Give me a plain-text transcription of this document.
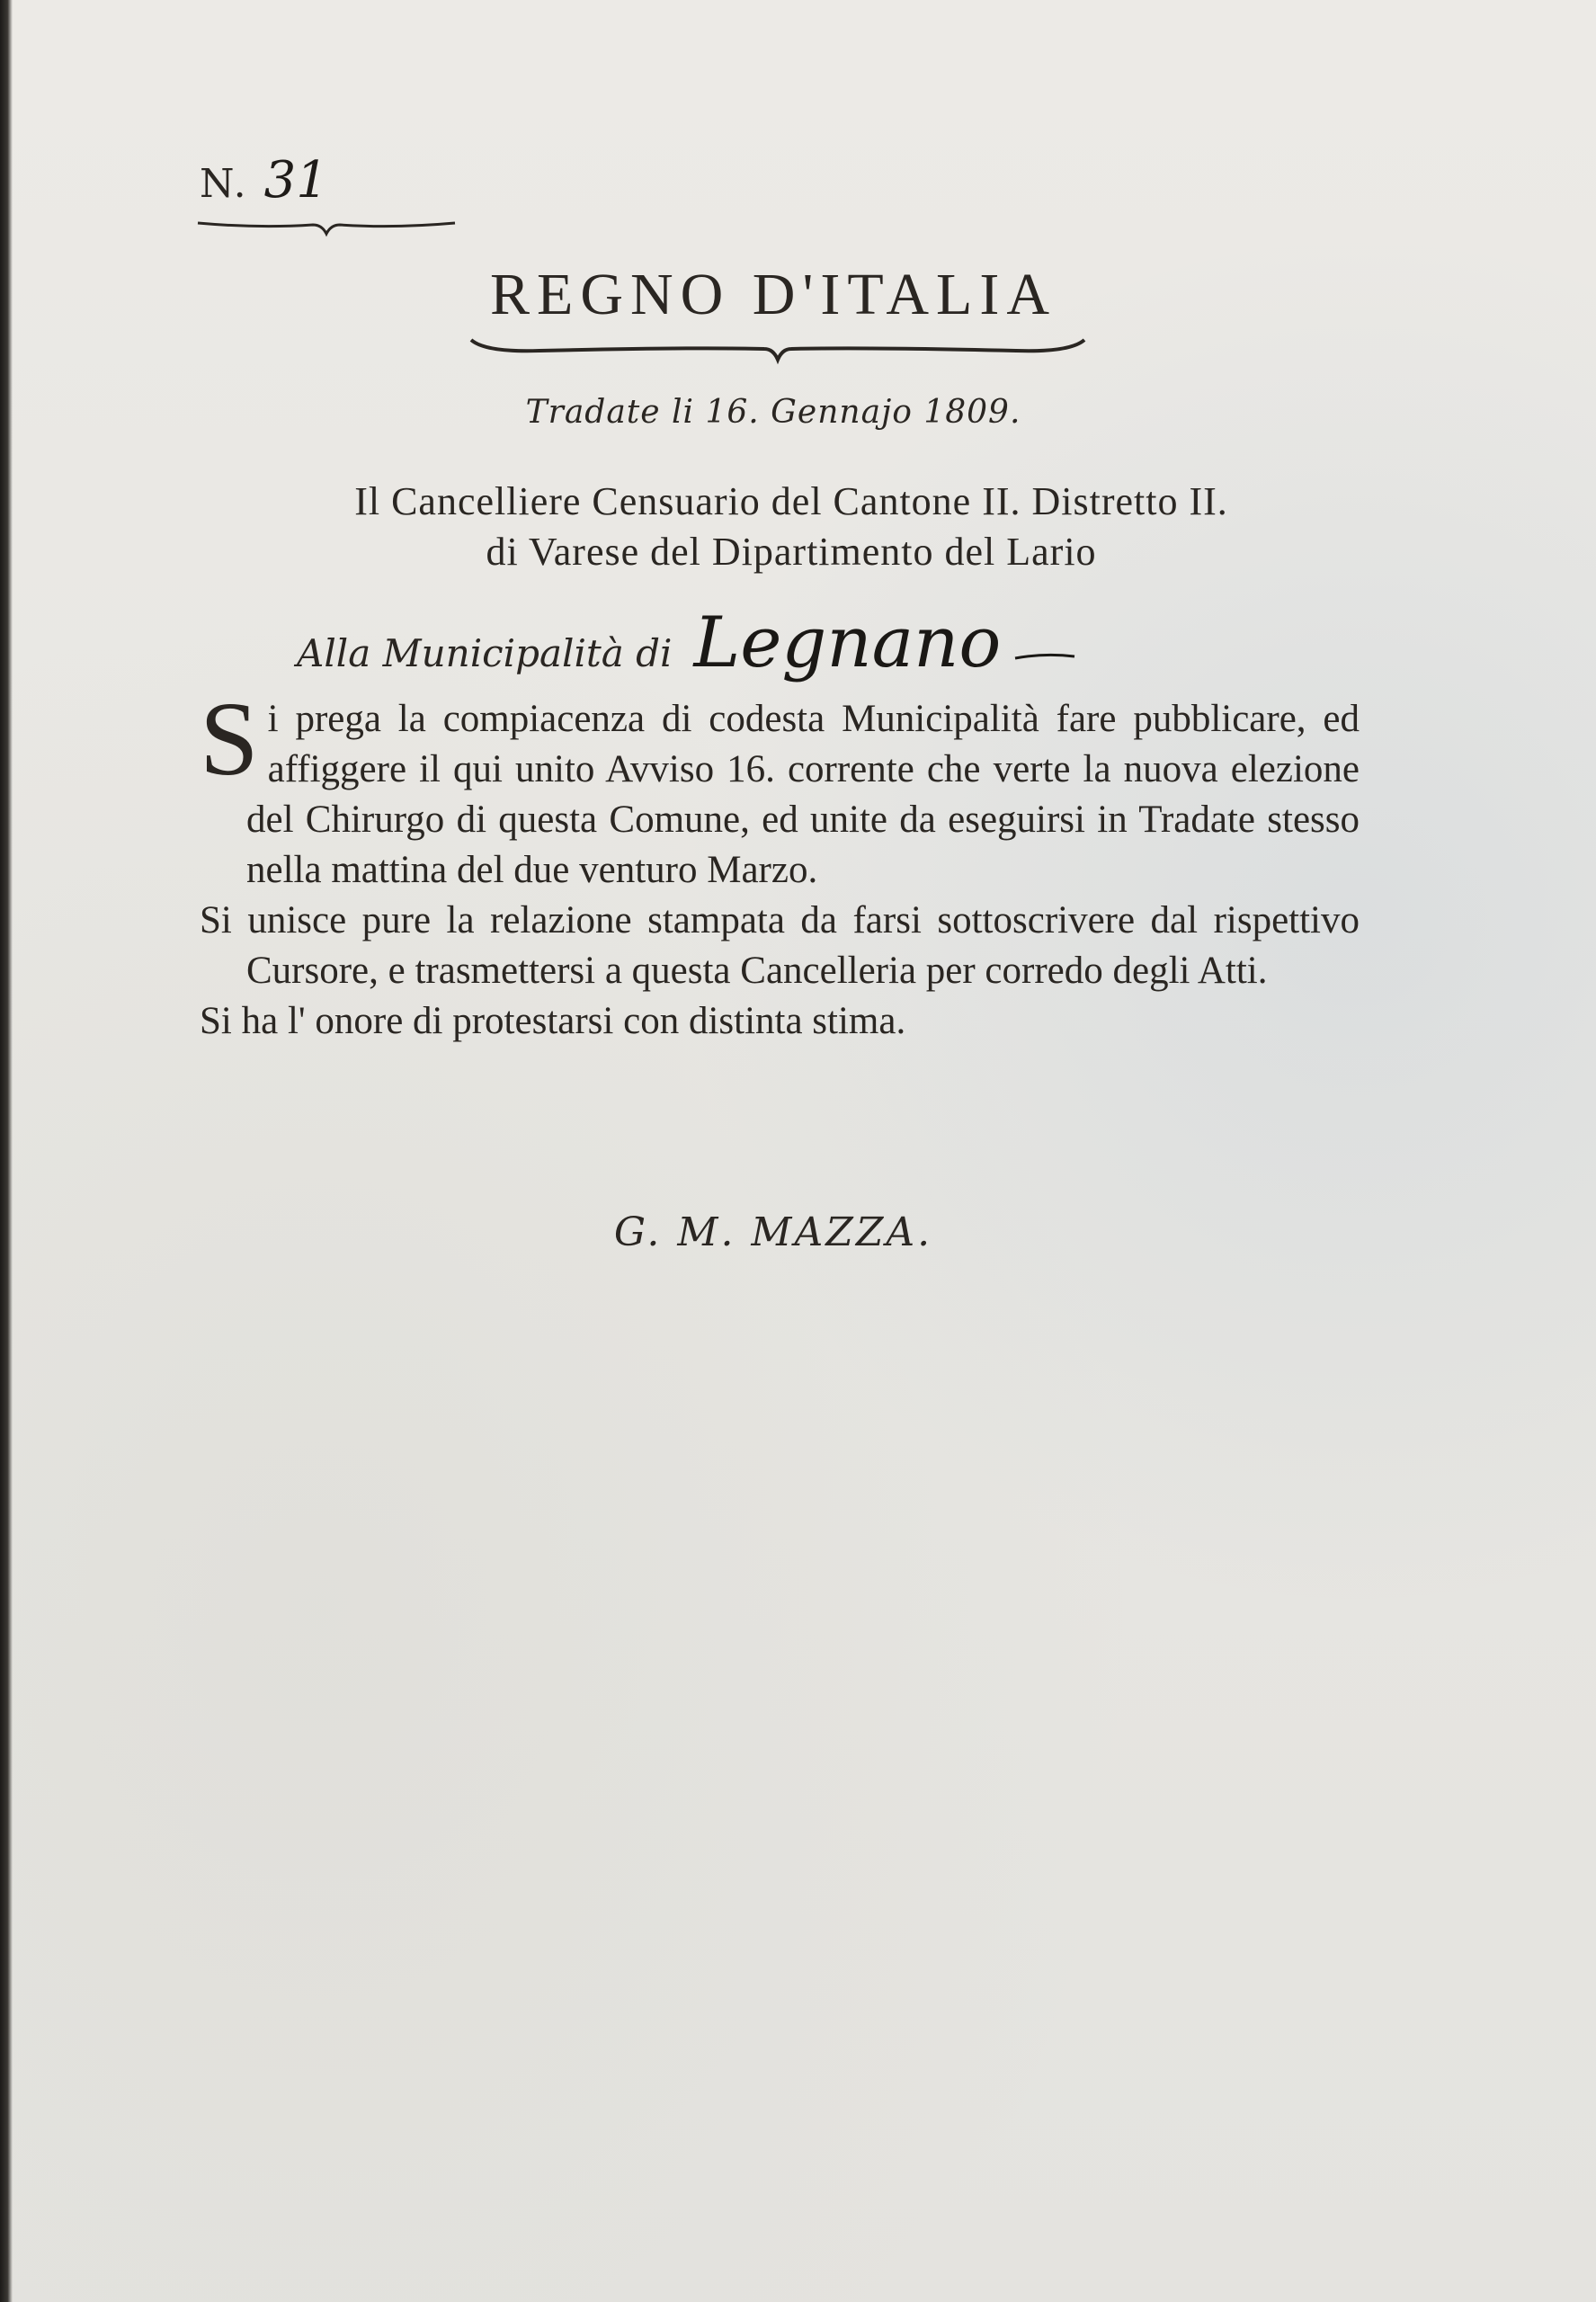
N. 31
REGNO D'ITALIA
Tradate li 16. Gennajo 1809.
Il Cancelliere Censuario del Cantone II. Distretto II.
di Varese del Dipartimento del Lario
Alla Municipalità di Legnano

Si prega la compiacenza di codesta Municipalità fare pubblicare, ed affiggere il qui unito Avviso 16. corrente che verte la nuova elezione del Chirurgo di questa Comune, ed unite da eseguirsi in Tradate stesso nella mattina del due venturo Marzo.

Si unisce pure la relazione stampata da farsi sottoscrivere dal rispettivo Cursore, e trasmettersi a questa Cancelleria per corredo degli Atti.

Si ha l' onore di protestarsi con distinta stima.

G. M. MAZZA.
